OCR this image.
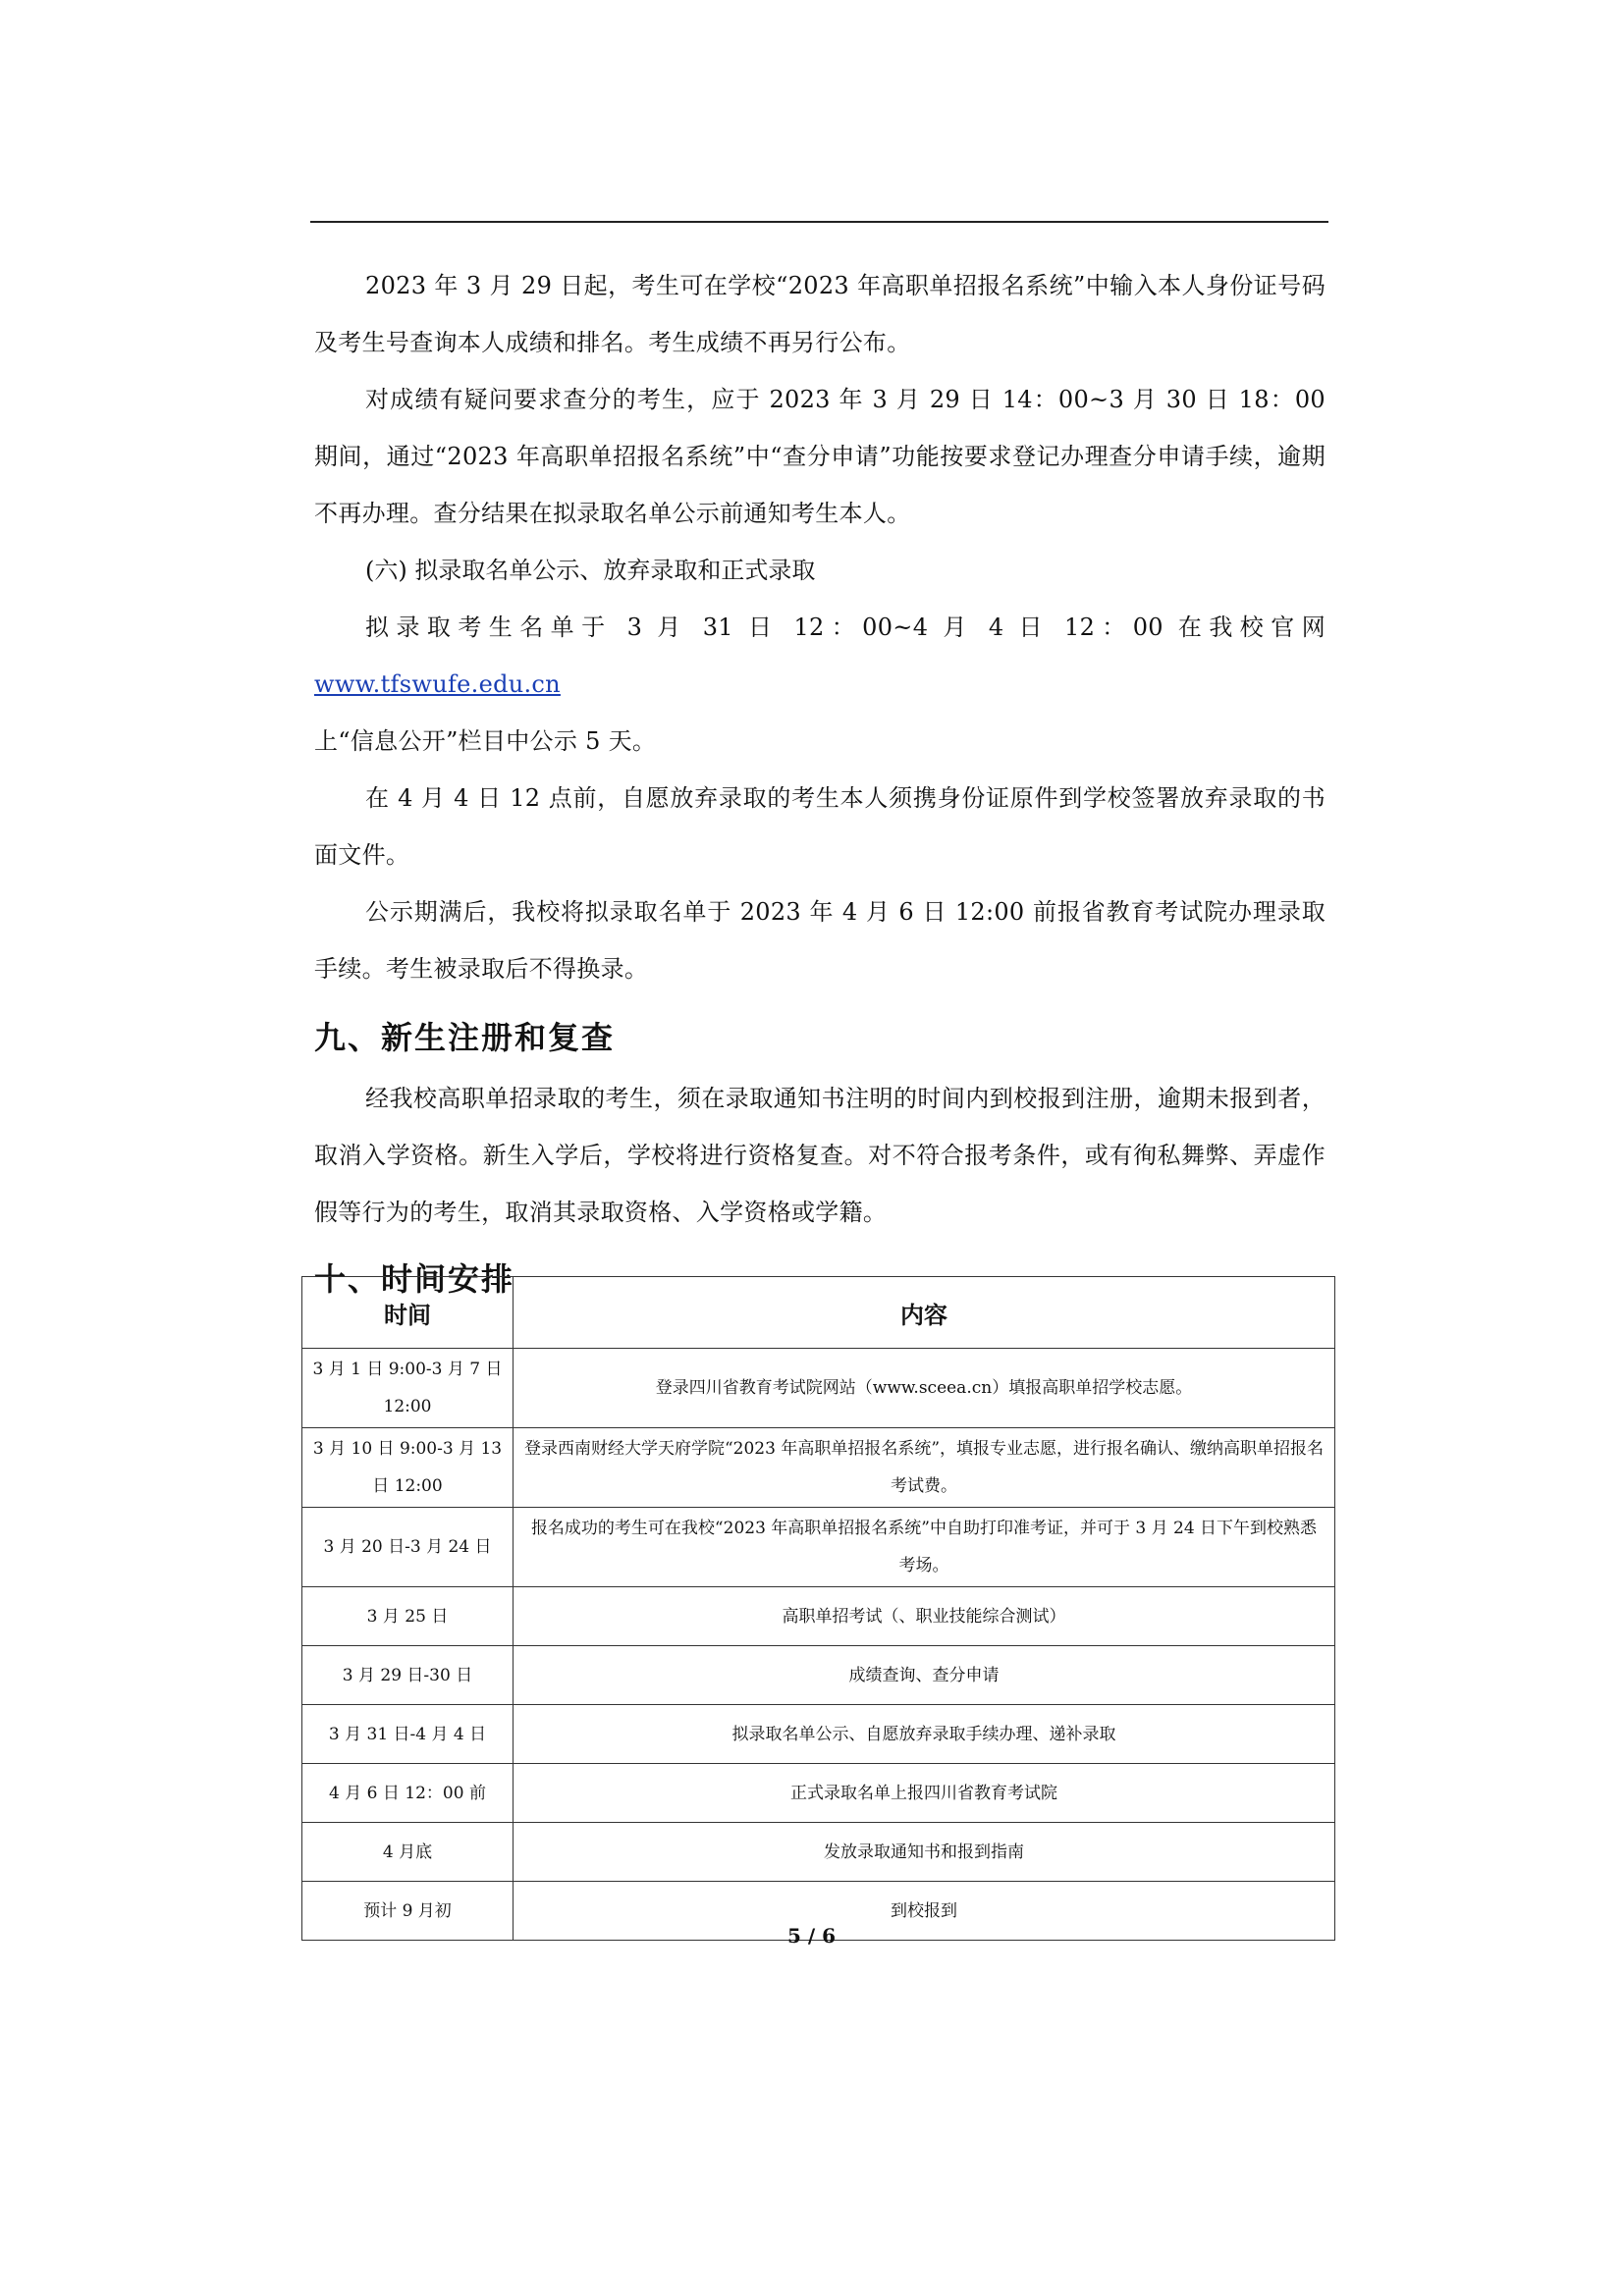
2023 年 3 月 29 日起，考生可在学校“2023 年高职单招报名系统”中输入本人身份证号码及考生号查询本人成绩和排名。考生成绩不再另行公布。

对成绩有疑问要求查分的考生，应于 2023 年 3 月 29 日 14：00~3 月 30 日 18：00 期间，通过“2023 年高职单招报名系统”中“查分申请”功能按要求登记办理查分申请手续，逾期不再办理。查分结果在拟录取名单公示前通知考生本人。

(六) 拟录取名单公示、放弃录取和正式录取

拟录取考生名单于 3 月 31 日 12：00~4 月 4 日 12：00 在我校官网 www.tfswufe.edu.cn
上“信息公开”栏目中公示 5 天。

在 4 月 4 日 12 点前，自愿放弃录取的考生本人须携身份证原件到学校签署放弃录取的书面文件。

公示期满后，我校将拟录取名单于 2023 年 4 月 6 日 12:00 前报省教育考试院办理录取手续。考生被录取后不得换录。

九、新生注册和复查

经我校高职单招录取的考生，须在录取通知书注明的时间内到校报到注册，逾期未报到者，取消入学资格。新生入学后，学校将进行资格复查。对不符合报考条件，或有徇私舞弊、弄虚作假等行为的考生，取消其录取资格、入学资格或学籍。

十、时间安排
时间	内容
3 月 1 日 9:00-3 月 7 日 12:00	登录四川省教育考试院网站（www.sceea.cn）填报高职单招学校志愿。
3 月 10 日 9:00-3 月 13 日 12:00	登录西南财经大学天府学院“2023 年高职单招报名系统”，填报专业志愿，进行报名确认、缴纳高职单招报名考试费。
3 月 20 日-3 月 24 日	报名成功的考生可在我校“2023 年高职单招报名系统”中自助打印准考证，并可于 3 月 24 日下午到校熟悉考场。
3 月 25 日	高职单招考试（、职业技能综合测试）
3 月 29 日-30 日	成绩查询、查分申请
3 月 31 日-4 月 4 日	拟录取名单公示、自愿放弃录取手续办理、递补录取
4 月 6 日 12：00 前	正式录取名单上报四川省教育考试院
4 月底	发放录取通知书和报到指南
预计 9 月初	到校报到
5 / 6
